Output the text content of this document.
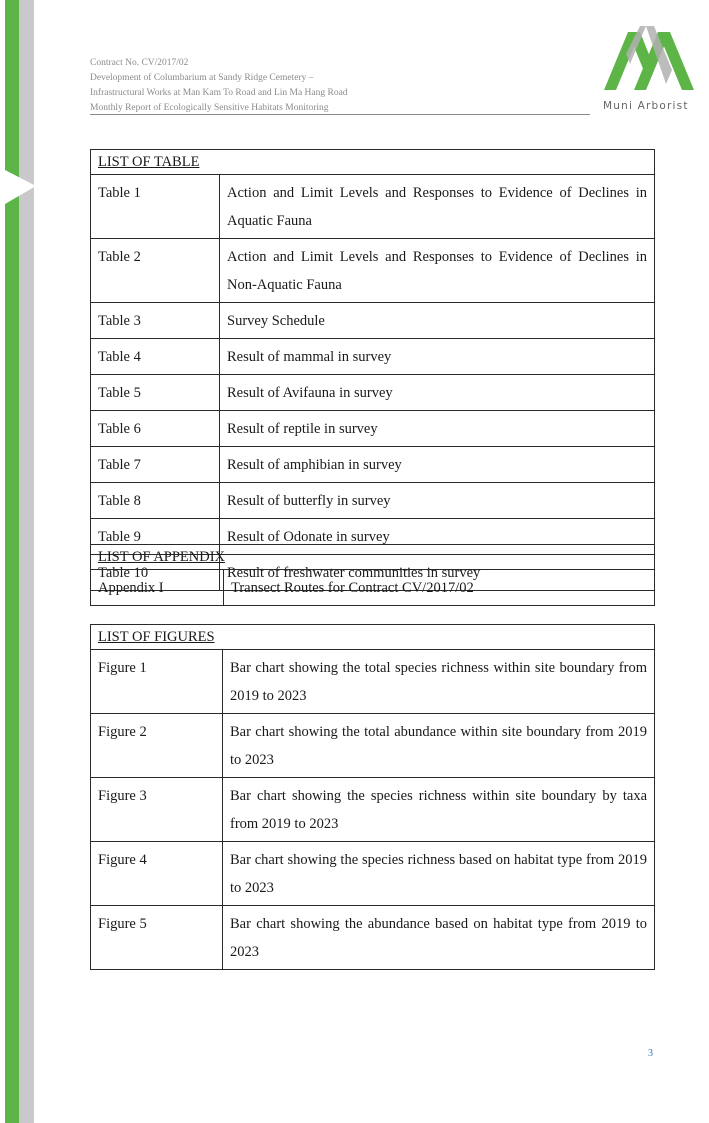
Contract No. CV/2017/02
Development of Columbarium at Sandy Ridge Cemetery –
Infrastructural Works at Man Kam To Road and Lin Ma Hang Road
Monthly Report of Ecologically Sensitive Habitats Monitoring	Muni Arborist
LIST OF TABLE	
Table 1	Action and Limit Levels and Responses to Evidence of Declines in Aquatic Fauna
Table 2	Action and Limit Levels and Responses to Evidence of Declines in Non-Aquatic Fauna
Table 3	Survey Schedule
Table 4	Result of mammal in survey
Table 5	Result of Avifauna in survey
Table 6	Result of reptile in survey
Table 7	Result of amphibian in survey
Table 8	Result of butterfly in survey
Table 9	Result of Odonate in survey
Table 10	Result of freshwater communities in survey
LIST OF APPENDIX
Appendix I	Transect Routes for Contract CV/2017/02
LIST OF FIGURES	
Figure 1	Bar chart showing the total species richness within site boundary from 2019 to 2023
Figure 2	Bar chart showing the total abundance within site boundary from 2019 to 2023
Figure 3	Bar chart showing the species richness within site boundary by taxa from 2019 to 2023
Figure 4	Bar chart showing the species richness based on habitat type from 2019 to 2023
Figure 5	Bar chart showing the abundance based on habitat type from 2019 to 2023
3
